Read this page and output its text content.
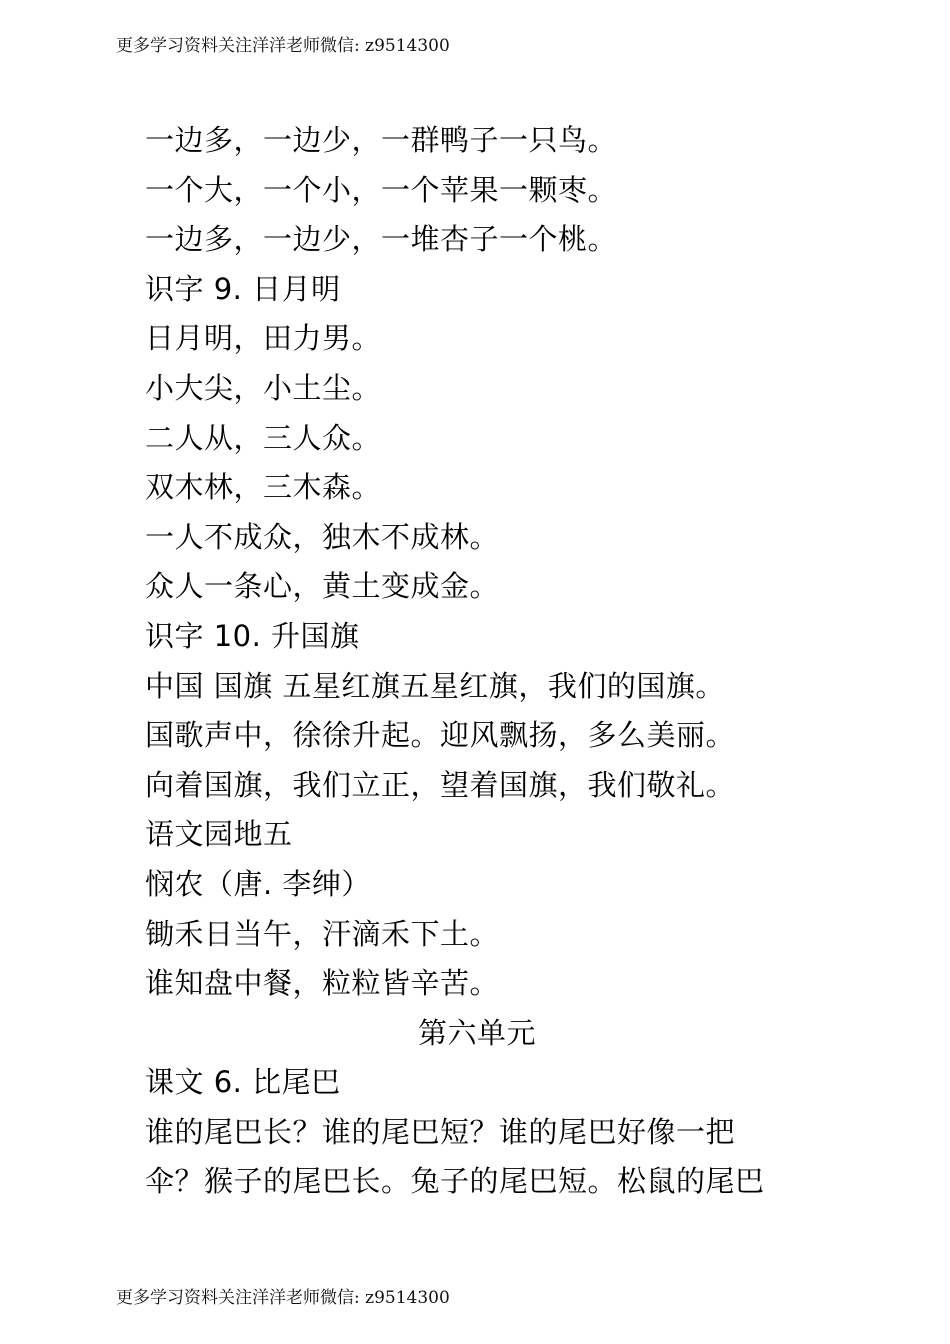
更多学习资料关注洋洋老师微信: z9514300
一边多，一边少，一群鸭子一只鸟。
一个大，一个小，一个苹果一颗枣。
一边多，一边少，一堆杏子一个桃。
识字 9. 日月明
日月明，田力男。
小大尖，小土尘。
二人从，三人众。
双木林，三木森。
一人不成众，独木不成林。
众人一条心，黄土变成金。
识字 10. 升国旗
中国 国旗 五星红旗五星红旗，我们的国旗。
国歌声中，徐徐升起。迎风飘扬，多么美丽。
向着国旗，我们立正，望着国旗，我们敬礼。
语文园地五
悯农（唐. 李绅）
锄禾日当午，汗滴禾下土。
谁知盘中餐，粒粒皆辛苦。
第六单元
课文 6. 比尾巴
谁的尾巴长？谁的尾巴短？谁的尾巴好像一把
伞？猴子的尾巴长。兔子的尾巴短。松鼠的尾巴
更多学习资料关注洋洋老师微信: z9514300
